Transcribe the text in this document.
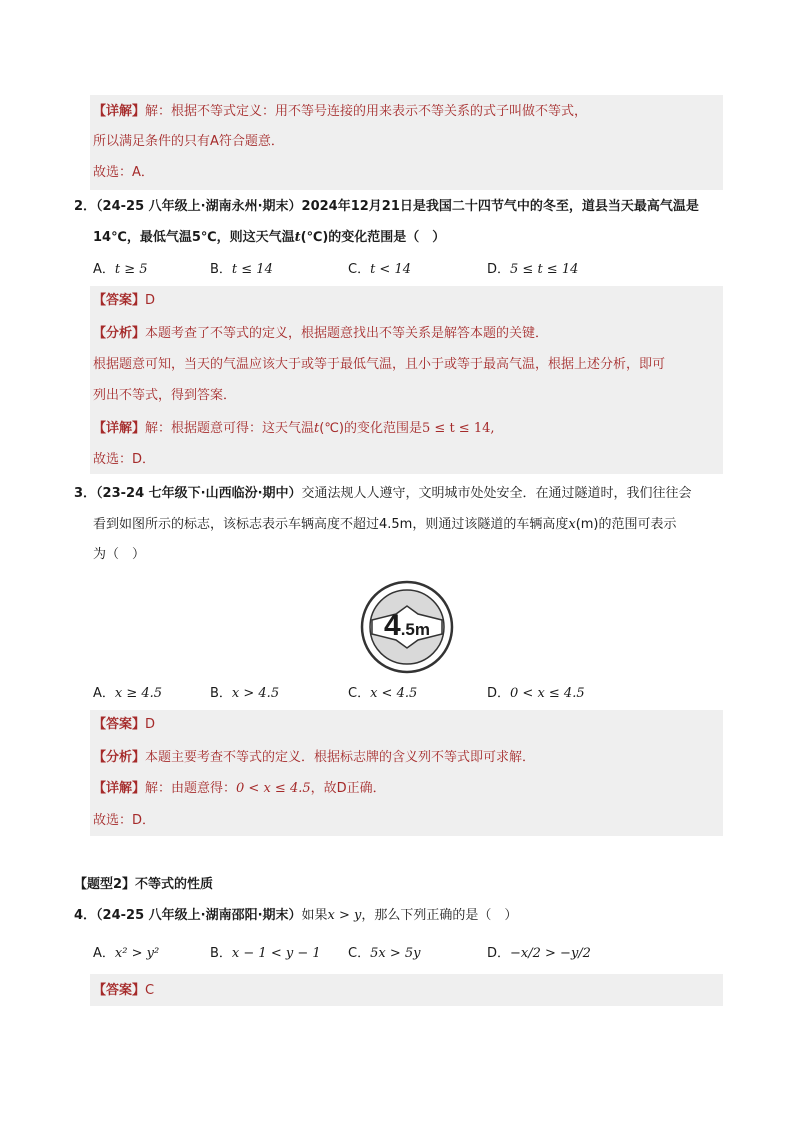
【详解】解：根据不等式定义：用不等号连接的用来表示不等关系的式子叫做不等式，
所以满足条件的只有A符合题意．
故选：A．
2．（24-25 八年级上·湖南永州·期末）2024年12月21日是我国二十四节气中的冬至，道县当天最高气温是
14℃，最低气温5℃，则这天气温t(℃)的变化范围是（　）
A．t ≥ 5	B．t ≤ 14	C．t < 14	D．5 ≤ t ≤ 14
【答案】D
【分析】本题考查了不等式的定义，根据题意找出不等关系是解答本题的关键．
根据题意可知，当天的气温应该大于或等于最低气温，且小于或等于最高气温，根据上述分析，即可
列出不等式，得到答案．
【详解】解：根据题意可得：这天气温t(℃)的变化范围是5 ≤ t ≤ 14,
故选：D．
3．（23-24 七年级下·山西临汾·期中）交通法规人人遵守，文明城市处处安全．在通过隧道时，我们往往会
看到如图所示的标志，该标志表示车辆高度不超过4.5m，则通过该隧道的车辆高度x(m)的范围可表示
为（　）
4.5m
A．x ≥ 4.5	B．x > 4.5	C．x < 4.5	D．0 < x ≤ 4.5
【答案】D
【分析】本题主要考查不等式的定义．根据标志牌的含义列不等式即可求解．
【详解】解：由题意得：0 < x ≤ 4.5，故D正确．
故选：D．
【题型2】不等式的性质
4．（24-25 八年级上·湖南邵阳·期末）如果x > y，那么下列正确的是（　）
A．x² > y²	B．x − 1 < y − 1 C．5x > 5y	D．−x/2 > −y/2
【答案】C
